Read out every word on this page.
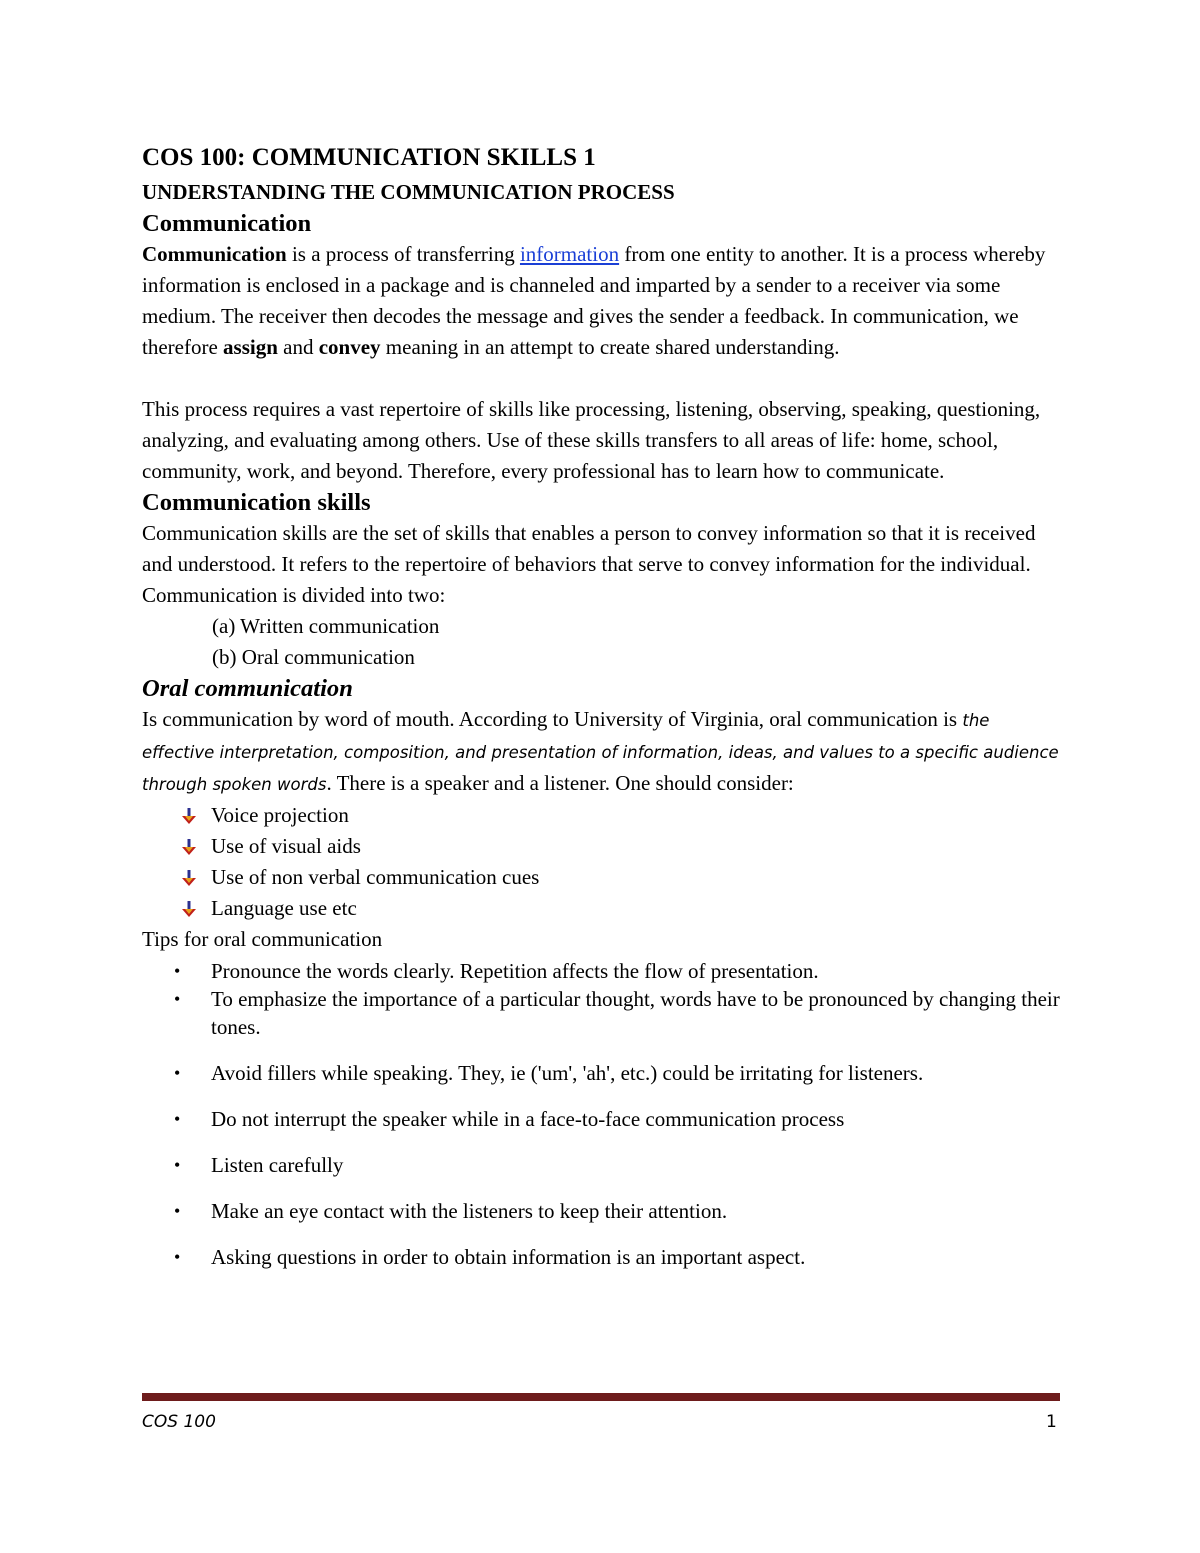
COS 100: COMMUNICATION SKILLS 1
UNDERSTANDING THE COMMUNICATION PROCESS
Communication

Communication is a process of transferring information from one entity to another. It is a process whereby information is enclosed in a package and is channeled and imparted by a sender to a receiver via some medium. The receiver then decodes the message and gives the sender a feedback. In communication, we therefore assign and convey meaning in an attempt to create shared understanding.

This process requires a vast repertoire of skills like processing, listening, observing, speaking, questioning, analyzing, and evaluating among others. Use of these skills transfers to all areas of life: home, school, community, work, and beyond. Therefore, every professional has to learn how to communicate.

Communication skills

Communication skills are the set of skills that enables a person to convey information so that it is received and understood. It refers to the repertoire of behaviors that serve to convey information for the individual.

Communication is divided into two:

(a) Written communication
(b) Oral communication
Oral communication

Is communication by word of mouth. According to University of Virginia, oral communication is the effective interpretation, composition, and presentation of information, ideas, and values to a specific audience through spoken words. There is a speaker and a listener. One should consider:

Voice projection
Use of visual aids
Use of non verbal communication cues
Language use etc

Tips for oral communication

•	Pronounce the words clearly. Repetition affects the flow of presentation.
•	To emphasize the importance of a particular thought, words have to be pronounced by changing their tones.
•	Avoid fillers while speaking. They, ie ('um', 'ah', etc.) could be irritating for listeners.
•	Do not interrupt the speaker while in a face-to-face communication process
•	Listen carefully
•	Make an eye contact with the listeners to keep their attention.
•	Asking questions in order to obtain information is an important aspect.
COS 100	1
